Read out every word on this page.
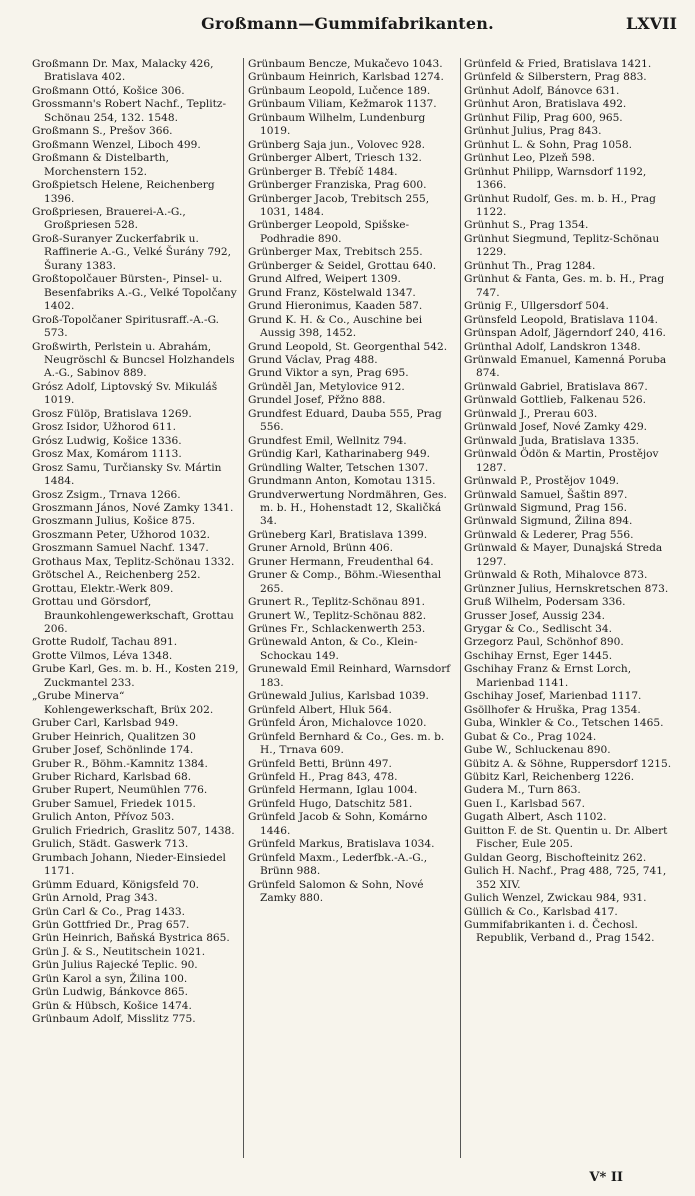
Großmann—Gummifabrikanten.	LXVII
Großmann Dr. Max, Malacky 426, Bratislava 402.
Großmann Ottó, Košice 306.
Grossmann's Robert Nachf., Teplitz-Schönau 254, 132. 1548.
Großmann S., Prešov 366.
Großmann Wenzel, Liboch 499.
Großmann & Distelbarth, Morchenstern 152.
Großpietsch Helene, Reichenberg 1396.
Großpriesen, Brauerei-A.-G., Großpriesen 528.
Groß-Suranyer Zuckerfabrik u. Raffinerie A.-G., Velké Šurány 792, Šurany 1383.
Großtopolčauer Bürsten-, Pinsel- u. Besenfabriks A.-G., Velké Topolčany 1402.
Groß-Topolčaner Spiritusraff.-A.-G. 573.
Großwirth, Perlstein u. Abrahám, Neugröschl & Buncsel Holzhandels A.-G., Sabinov 889.
Grósz Adolf, Liptovský Sv. Mikuláš 1019.
Grosz Fülöp, Bratislava 1269.
Grosz Isidor, Užhorod 611.
Grósz Ludwig, Košice 1336.
Grosz Max, Komárom 1113.
Grosz Samu, Turčiansky Sv. Mártin 1484.
Grosz Zsigm., Trnava 1266.
Groszmann János, Nové Zamky 1341.
Groszmann Julius, Košice 875.
Groszmann Peter, Užhorod 1032.
Groszmann Samuel Nachf. 1347.
Grothaus Max, Teplitz-Schönau 1332.
Grötschel A., Reichenberg 252.
Grottau, Elektr.-Werk 809.
Grottau und Görsdorf, Braunkohlengewerkschaft, Grottau 206.
Grotte Rudolf, Tachau 891.
Grotte Vilmos, Léva 1348.
Grube Karl, Ges. m. b. H., Kosten 219, Zuckmantel 233.
„Grube Minerva“ Kohlengewerkschaft, Brüx 202.
Gruber Carl, Karlsbad 949.
Gruber Heinrich, Qualitzen 30
Gruber Josef, Schönlinde 174.
Gruber R., Böhm.-Kamnitz 1384.
Gruber Richard, Karlsbad 68.
Gruber Rupert, Neumühlen 776.
Gruber Samuel, Friedek 1015.
Grulich Anton, Přívoz 503.
Grulich Friedrich, Graslitz 507, 1438.
Grulich, Städt. Gaswerk 713.
Grumbach Johann, Nieder-Einsiedel 1171.
Grümm Eduard, Königsfeld 70.
Grün Arnold, Prag 343.
Grün Carl & Co., Prag 1433.
Grün Gottfried Dr., Prag 657.
Grün Heinrich, Baňská Bystrica 865.
Grün J. & S., Neutitschein 1021.
Grün Julius Rajecké Teplic. 90.
Grün Karol a syn, Žilina 100.
Grün Ludwig, Bánkovce 865.
Grün & Hübsch, Košice 1474.
Grünbaum Adolf, Misslitz 775.
Grünbaum Bencze, Mukačevo 1043.
Grünbaum Heinrich, Karlsbad 1274.
Grünbaum Leopold, Lučence 189.
Grünbaum Viliam, Kežmarok 1137.
Grünbaum Wilhelm, Lundenburg 1019.
Grünberg Saja jun., Volovec 928.
Grünberger Albert, Triesch 132.
Grünberger B. Třebíč 1484.
Grünberger Franziska, Prag 600.
Grünberger Jacob, Trebitsch 255, 1031, 1484.
Grünberger Leopold, Spišske-Podhradie 890.
Grünberger Max, Trebitsch 255.
Grünberger & Seidel, Grottau 640.
Grund Alfred, Weipert 1309.
Grund Franz, Köstelwald 1347.
Grund Hieronimus, Kaaden 587.
Grund K. H. & Co., Auschine bei Aussig 398, 1452.
Grund Leopold, St. Georgenthal 542.
Grund Václav, Prag 488.
Grund Viktor a syn, Prag 695.
Gründěl Jan, Metylovice 912.
Grundel Josef, Přžno 888.
Grundfest Eduard, Dauba 555, Prag 556.
Grundfest Emil, Wellnitz 794.
Gründig Karl, Katharinaberg 949.
Gründling Walter, Tetschen 1307.
Grundmann Anton, Komotau 1315.
Grundverwertung Nordmähren, Ges. m. b. H., Hohenstadt 12, Skaličká 34.
Grüneberg Karl, Bratislava 1399.
Gruner Arnold, Brünn 406.
Gruner Hermann, Freudenthal 64.
Gruner & Comp., Böhm.-Wiesenthal 265.
Grunert R., Teplitz-Schönau 891.
Grunert W., Teplitz-Schönau 882.
Grünes Fr., Schlackenwerth 253.
Grünewald Anton, & Co., Klein-Schockau 149.
Grunewald Emil Reinhard, Warnsdorf 183.
Grünewald Julius, Karlsbad 1039.
Grünfeld Albert, Hluk 564.
Grünfeld Áron, Michalovce 1020.
Grünfeld Bernhard & Co., Ges. m. b. H., Trnava 609.
Grünfeld Betti, Brünn 497.
Grünfeld H., Prag 843, 478.
Grünfeld Hermann, Iglau 1004.
Grünfeld Hugo, Datschitz 581.
Grünfeld Jacob & Sohn, Komárno 1446.
Grünfeld Markus, Bratislava 1034.
Grünfeld Maxm., Lederfbk.-A.-G., Brünn 988.
Grünfeld Salomon & Sohn, Nové Zamky 880.
Grünfeld & Fried, Bratislava 1421.
Grünfeld & Silberstern, Prag 883.
Grünhut Adolf, Bánovce 631.
Grünhut Aron, Bratislava 492.
Grünhut Filip, Prag 600, 965.
Grünhut Julius, Prag 843.
Grünhut L. & Sohn, Prag 1058.
Grünhut Leo, Plzeň 598.
Grünhut Philipp, Warnsdorf 1192, 1366.
Grünhut Rudolf, Ges. m. b. H., Prag 1122.
Grünhut S., Prag 1354.
Grünhut Siegmund, Teplitz-Schönau 1229.
Grünhut Th., Prag 1284.
Grünhut & Fanta, Ges. m. b. H., Prag 747.
Grünig F., Ullgersdorf 504.
Grünsfeld Leopold, Bratislava 1104.
Grünspan Adolf, Jägerndorf 240, 416.
Grünthal Adolf, Landskron 1348.
Grünwald Emanuel, Kamenná Poruba 874.
Grünwald Gabriel, Bratislava 867.
Grünwald Gottlieb, Falkenau 526.
Grünwald J., Prerau 603.
Grünwald Josef, Nové Zamky 429.
Grünwald Juda, Bratislava 1335.
Grünwald Ödön & Martin, Prostějov 1287.
Grünwald P., Prostějov 1049.
Grünwald Samuel, Šaštin 897.
Grünwald Sigmund, Prag 156.
Grünwald Sigmund, Žilina 894.
Grünwald & Lederer, Prag 556.
Grünwald & Mayer, Dunajská Streda 1297.
Grünwald & Roth, Mihalovce 873.
Grünzner Julius, Hernskretschen 873.
Gruß Wilhelm, Podersam 336.
Grusser Josef, Aussig 234.
Grygar & Co., Sedlischt 34.
Grzegorz Paul, Schönhof 890.
Gschihay Ernst, Eger 1445.
Gschihay Franz & Ernst Lorch, Marienbad 1141.
Gschihay Josef, Marienbad 1117.
Gsöllhofer & Hruška, Prag 1354.
Guba, Winkler & Co., Tetschen 1465.
Gubat & Co., Prag 1024.
Gube W., Schluckenau 890.
Gübitz A. & Söhne, Ruppersdorf 1215.
Gübitz Karl, Reichenberg 1226.
Gudera M., Turn 863.
Guen I., Karlsbad 567.
Gugath Albert, Asch 1102.
Guitton F. de St. Quentin u. Dr. Albert Fischer, Eule 205.
Guldan Georg, Bischofteinitz 262.
Gulich H. Nachf., Prag 488, 725, 741, 352 XIV.
Gulich Wenzel, Zwickau 984, 931.
Güllich & Co., Karlsbad 417.
Gummifabrikanten i. d. Čechosl. Republik, Verband d., Prag 1542.
V* II
